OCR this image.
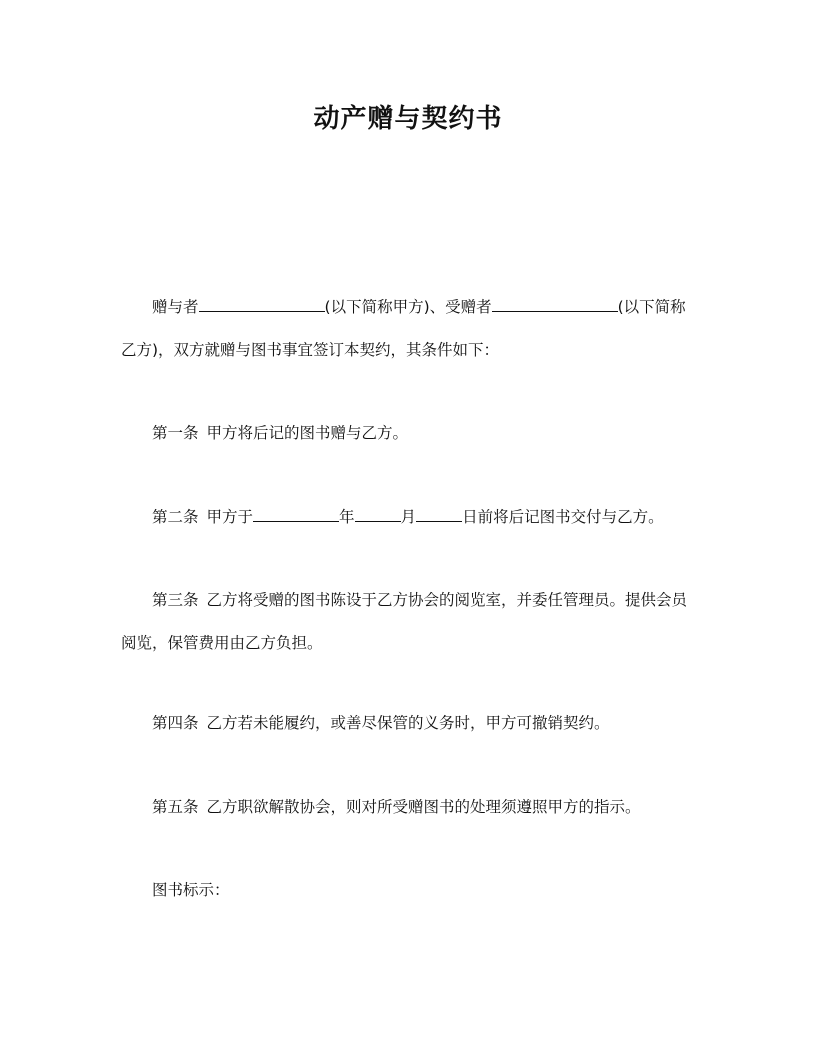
动产赠与契约书
赠与者	(以下简称甲方)、受赠者	(以下简称
乙方)，双方就赠与图书事宜签订本契约，其条件如下：
第一条 甲方将后记的图书赠与乙方。
第二条 甲方于	年	月	日前将后记图书交付与乙方。
第三条 乙方将受赠的图书陈设于乙方协会的阅览室，并委任管理员。提供会员
阅览，保管费用由乙方负担。
第四条 乙方若未能履约，或善尽保管的义务时，甲方可撤销契约。
第五条 乙方职欲解散协会，则对所受赠图书的处理须遵照甲方的指示。
图书标示：
